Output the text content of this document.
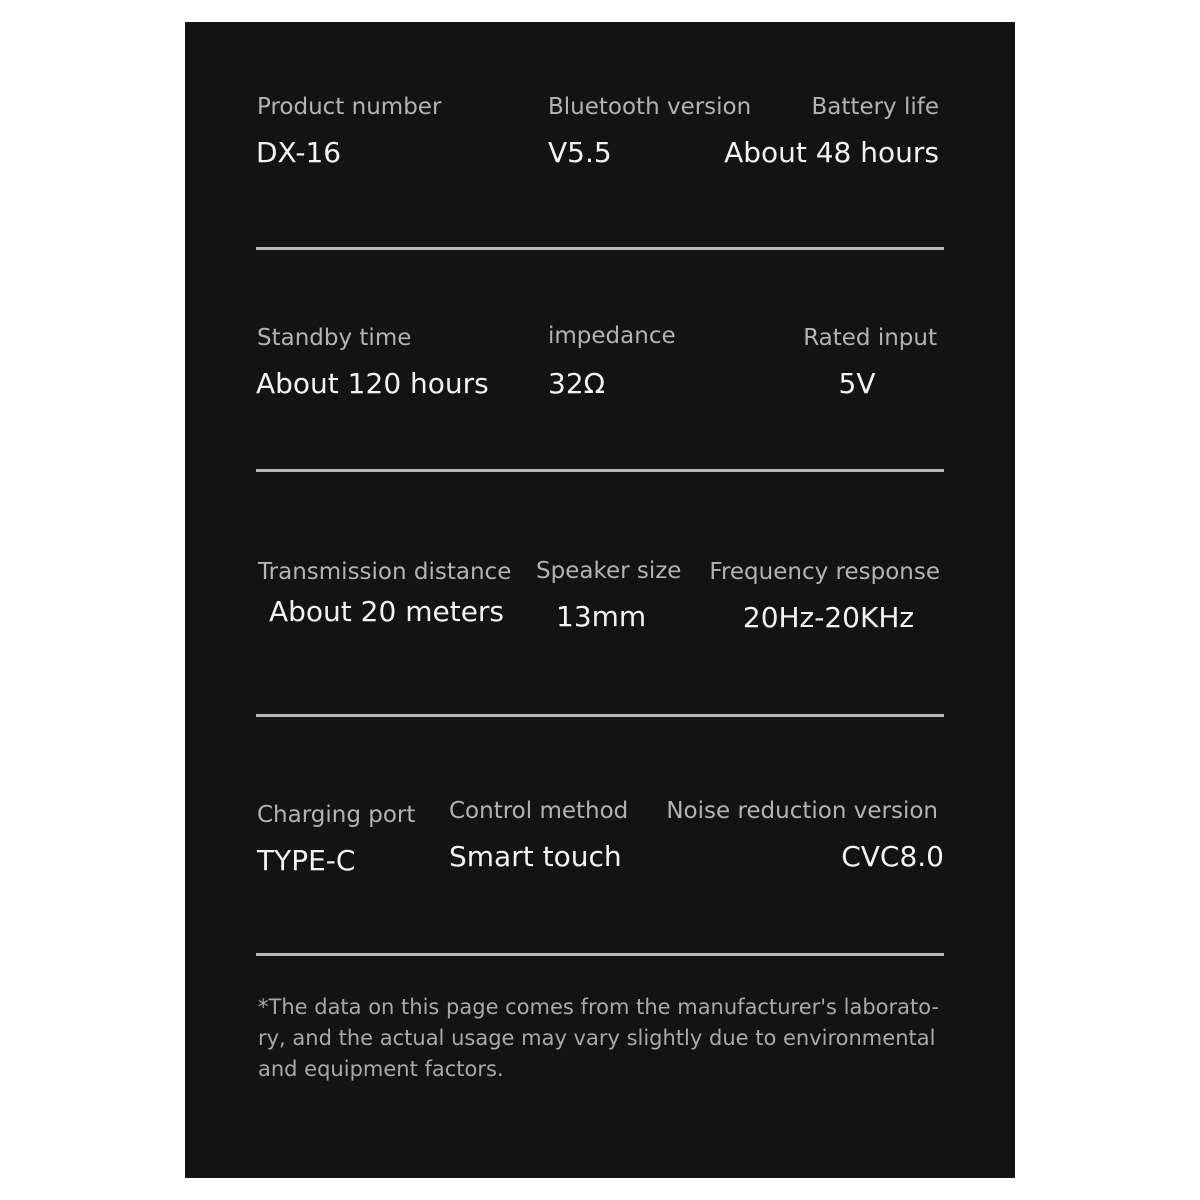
Product number
DX-16
Bluetooth version
V5.5
Battery life
About 48 hours
Standby time
About 120 hours
impedance
32Ω
Rated input
5V
Transmission distance
About 20 meters
Speaker size
13mm
Frequency response
20Hz-20KHz
Charging port
TYPE-C
Control method
Smart touch
Noise reduction version
CVC8.0
*The data on this page comes from the manufacturer's laborato-
ry, and the actual usage may vary slightly due to environmental
and equipment factors.
